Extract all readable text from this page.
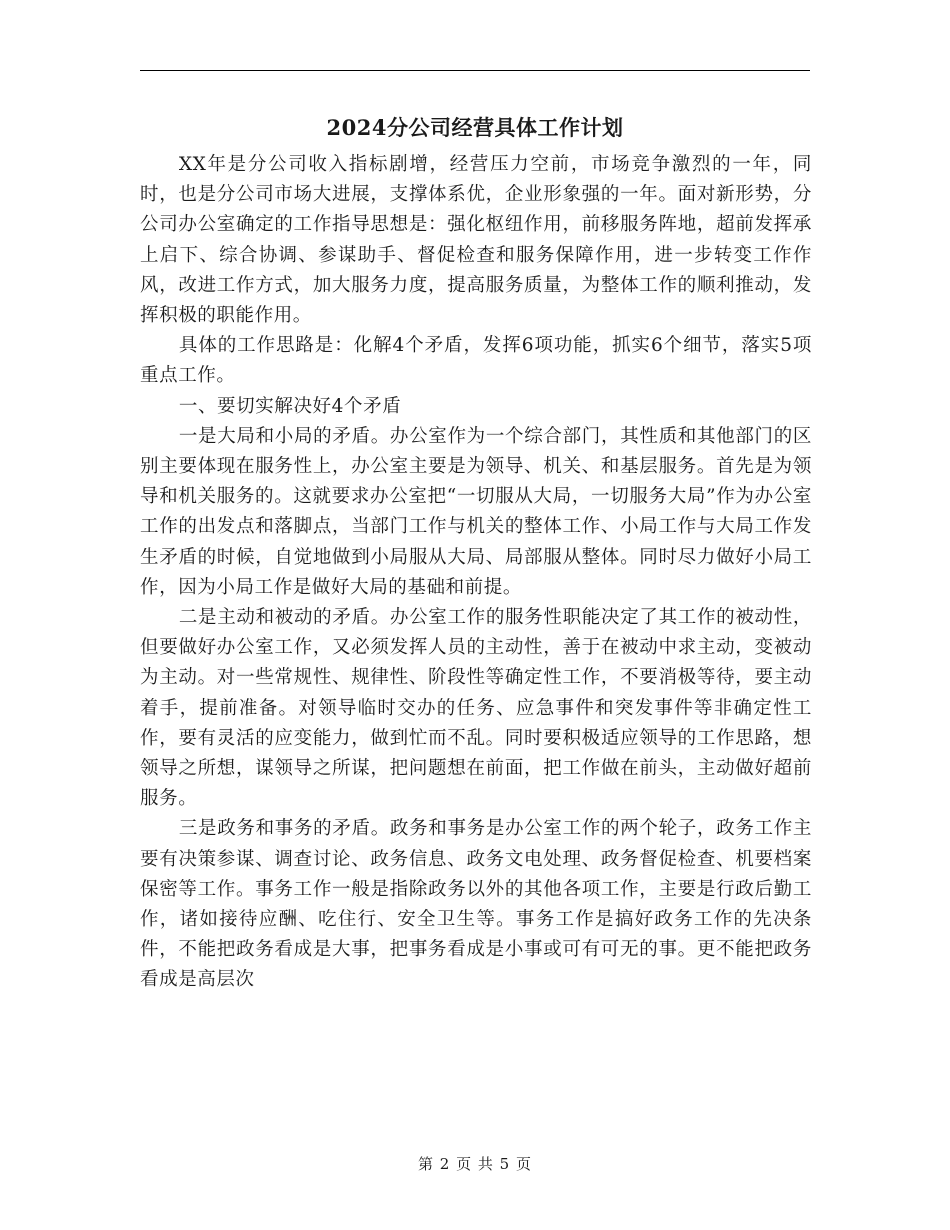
2024分公司经营具体工作计划

XX年是分公司收入指标剧增，经营压力空前，市场竞争激烈的一年，同时，也是分公司市场大进展，支撑体系优，企业形象强的一年。面对新形势，分公司办公室确定的工作指导思想是：强化枢纽作用，前移服务阵地，超前发挥承上启下、综合协调、参谋助手、督促检查和服务保障作用，进一步转变工作作风，改进工作方式，加大服务力度，提高服务质量，为整体工作的顺利推动，发挥积极的职能作用。

具体的工作思路是：化解4个矛盾，发挥6项功能，抓实6个细节，落实5项重点工作。

一、要切实解决好4个矛盾

一是大局和小局的矛盾。办公室作为一个综合部门，其性质和其他部门的区别主要体现在服务性上，办公室主要是为领导、机关、和基层服务。首先是为领导和机关服务的。这就要求办公室把“一切服从大局，一切服务大局”作为办公室工作的出发点和落脚点，当部门工作与机关的整体工作、小局工作与大局工作发生矛盾的时候，自觉地做到小局服从大局、局部服从整体。同时尽力做好小局工作，因为小局工作是做好大局的基础和前提。

二是主动和被动的矛盾。办公室工作的服务性职能决定了其工作的被动性，但要做好办公室工作，又必须发挥人员的主动性，善于在被动中求主动，变被动为主动。对一些常规性、规律性、阶段性等确定性工作，不要消极等待，要主动着手，提前准备。对领导临时交办的任务、应急事件和突发事件等非确定性工作，要有灵活的应变能力，做到忙而不乱。同时要积极适应领导的工作思路，想领导之所想，谋领导之所谋，把问题想在前面，把工作做在前头，主动做好超前服务。

三是政务和事务的矛盾。政务和事务是办公室工作的两个轮子，政务工作主要有决策参谋、调查讨论、政务信息、政务文电处理、政务督促检查、机要档案保密等工作。事务工作一般是指除政务以外的其他各项工作，主要是行政后勤工作，诸如接待应酬、吃住行、安全卫生等。事务工作是搞好政务工作的先决条件，不能把政务看成是大事，把事务看成是小事或可有可无的事。更不能把政务看成是高层次

第 2 页 共 5 页
